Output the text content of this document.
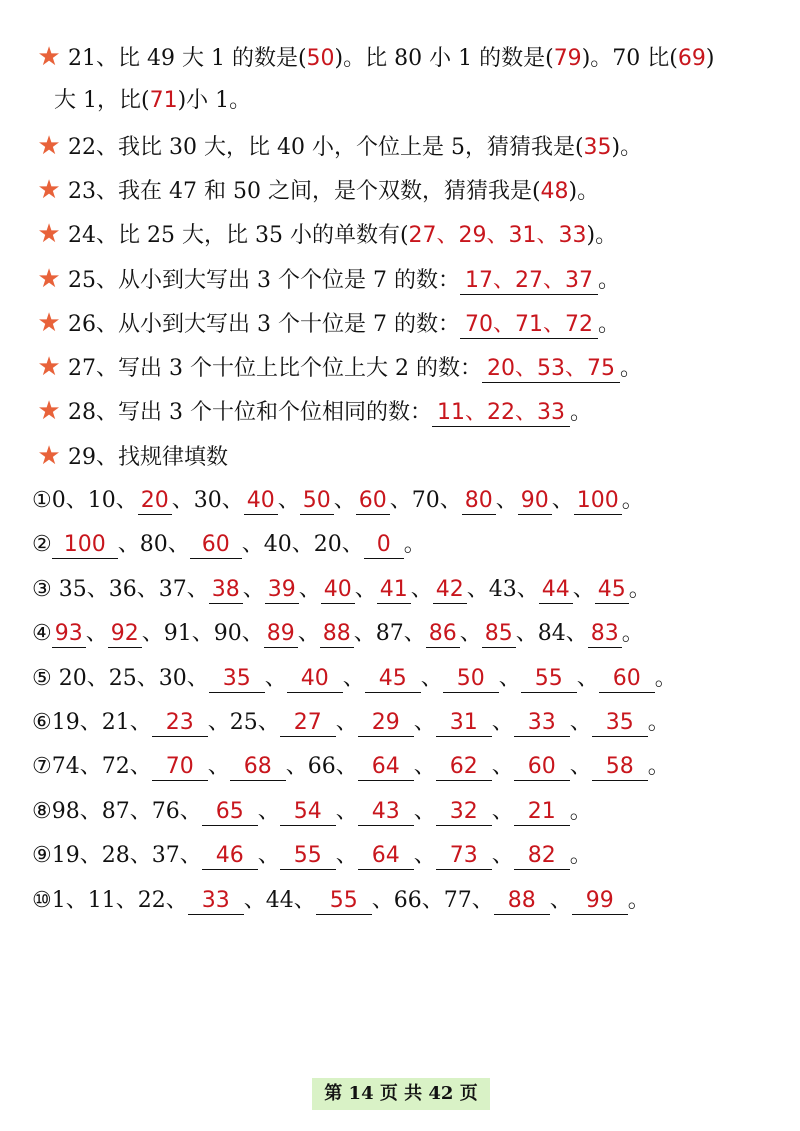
★ 21、比 49 大 1 的数是(50)。比 80 小 1 的数是(79)。70 比(69)
大 1，比(71)小 1。
★ 22、我比 30 大，比 40 小，个位上是 5，猜猜我是(35)。
★ 23、我在 47 和 50 之间，是个双数，猜猜我是(48)。
★ 24、比 25 大，比 35 小的单数有(27、29、31、33)。
★ 25、从小到大写出 3 个个位是 7 的数： 17、27、37 。
★ 26、从小到大写出 3 个十位是 7 的数： 70、71、72 。
★ 27、写出 3 个十位上比个位上大 2 的数： 20、53、75 。
★ 28、写出 3 个十位和个位相同的数： 11、22、33 。
★ 29、找规律填数
①0、10、 20 、30、 40 、 50 、 60 、70、 80 、 90 、 100 。
② 100 、80、 60 、40、20、 0 。
③ 35、36、37、 38 、 39 、 40 、 41 、 42 、43、 44 、 45 。
④ 93 、 92 、91、90、 89 、 88 、87、 86 、 85 、84、 83 。
⑤ 20、25、30、 35 、 40 、 45 、 50 、 55 、 60 。
⑥19、21、 23 、25、 27 、 29 、 31 、 33 、 35 。
⑦74、72、 70 、 68 、66、 64 、 62 、 60 、 58 。
⑧98、87、76、 65 、 54 、 43 、 32 、 21 。
⑨19、28、37、 46 、 55 、 64 、 73 、 82 。
⑩1、11、22、 33 、44、 55 、66、77、 88 、 99 。
第 14 页 共 42 页
